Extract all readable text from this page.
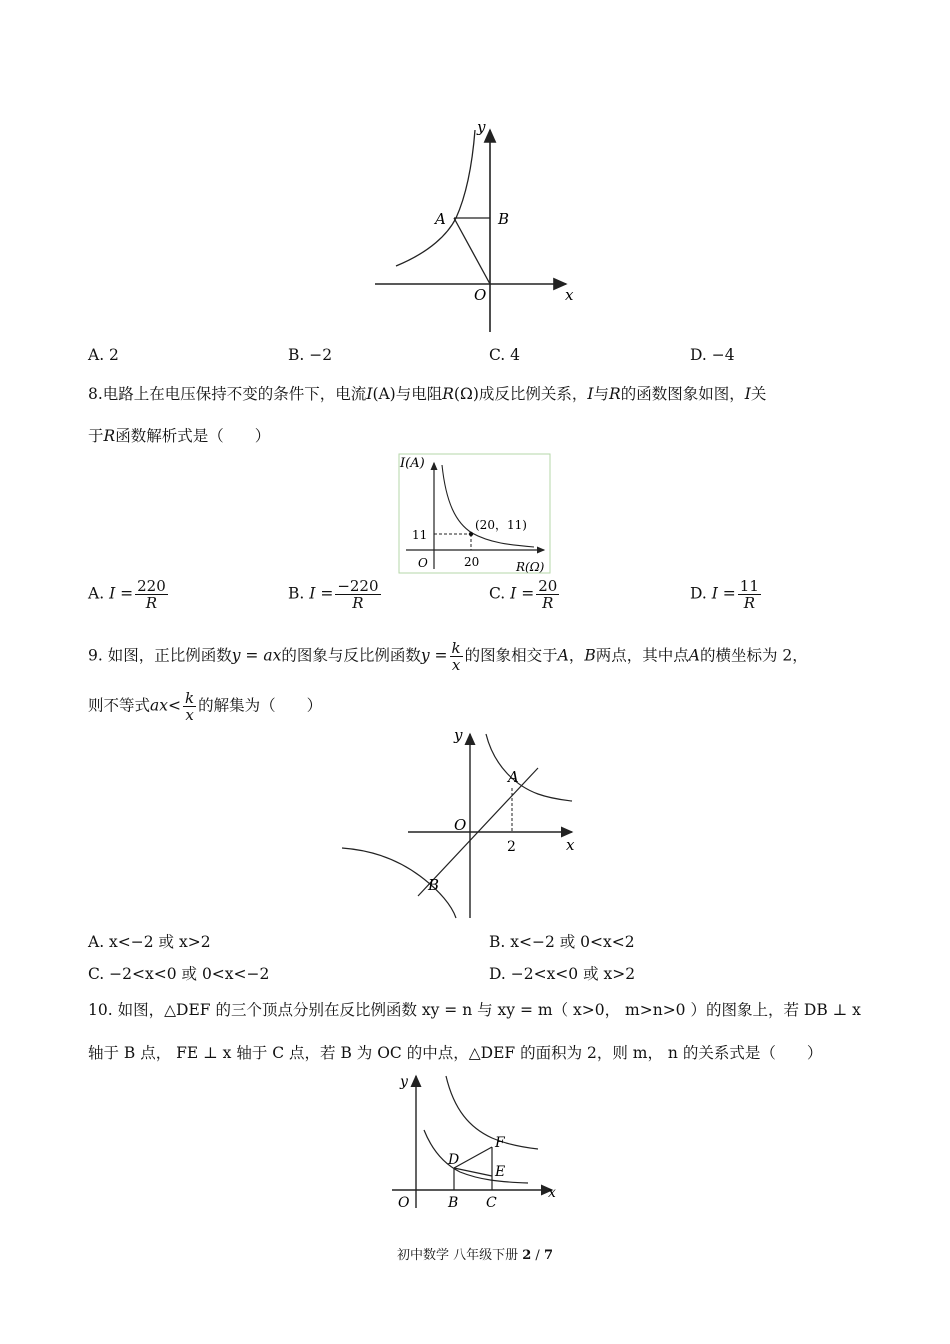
y
x
A	B
O
A. 2	B. −2	C. 4	D. −4
8.电路上在电压保持不变的条件下，电流I(A)与电阻R(Ω)成反比例关系，I与R的函数图象如图，I关
于R函数解析式是（　　）
I(A)
11
(20，11)
O	20	R(Ω)
A. $I = \frac{220}{R}$	B. $I = \frac{-220}{R}$	C. $I = \frac{20}{R}$	D. $I = \frac{11}{R}$
9. 如图，正比例函数y = ax的图象与反比例函数$y = \frac{k}{x}$ 的图象相交于A，B两点，其中点A的横坐标为 2，
则不等式$ax< \frac{k}{x}$ 的解集为（　　）
y
A
O
2	x
B
A. x<−2 或 x>2	B. x<−2 或 0<x<2
C. −2<x<0 或 0<x<−2	D. −2<x<0 或 x>2
10. 如图，△DEF 的三个顶点分别在反比例函数 xy = n 与 xy = m（ x>0， m>n>0 ）的图象上，若 DB ⊥ x
轴于 B 点， FE ⊥ x 轴于 C 点，若 B 为 OC 的中点，△DEF 的面积为 2，则 m， n 的关系式是（　　）
y
F
D
E
O	B C
x
初中数学 八年级下册 2 / 7
